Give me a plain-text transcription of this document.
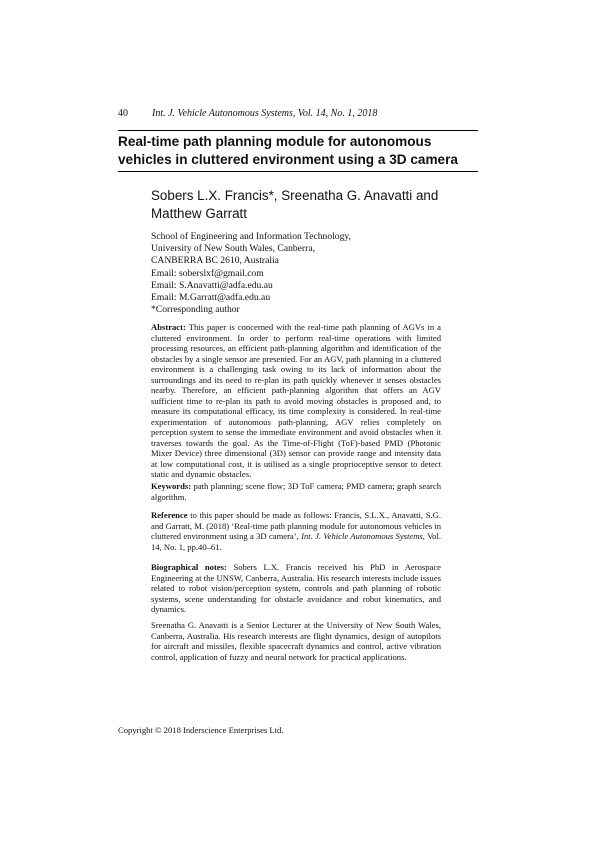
40 Int. J. Vehicle Autonomous Systems, Vol. 14, No. 1, 2018
Real-time path planning module for autonomous vehicles in cluttered environment using a 3D camera

Sobers L.X. Francis*, Sreenatha G. Anavatti and Matthew Garratt

School of Engineering and Information Technology,
University of New South Wales, Canberra,
CANBERRA BC 2610, Australia
Email: soberslxf@gmail.com
Email: S.Anavatti@adfa.edu.au
Email: M.Garratt@adfa.edu.au
*Corresponding author

Abstract: This paper is concerned with the real-time path planning of AGVs in a cluttered environment. In order to perform real-time operations with limited processing resources, an efficient path-planning algorithm and identification of the obstacles by a single sensor are presented. For an AGV, path planning in a cluttered environment is a challenging task owing to its lack of information about the surroundings and its need to re-plan its path quickly whenever it senses obstacles nearby. Therefore, an efficient path-planning algorithm that offers an AGV sufficient time to re-plan its path to avoid moving obstacles is proposed and, to measure its computational efficacy, its time complexity is considered. In real-time experimentation of autonomous path-planning, AGV relies completely on perception system to sense the immediate environment and avoid obstacles when it traverses towards the goal. As the Time-of-Flight (ToF)-based PMD (Photonic Mixer Device) three dimensional (3D) sensor can provide range and intensity data at low computational cost, it is utilised as a single proprioceptive sensor to detect static and dynamic obstacles.

Keywords: path planning; scene flow; 3D ToF camera; PMD camera; graph search algorithm.

Reference to this paper should be made as follows: Francis, S.L.X., Anavatti, S.G. and Garratt, M. (2018) ‘Real-time path planning module for autonomous vehicles in cluttered environment using a 3D camera’, Int. J. Vehicle Autonomous Systems, Vol. 14, No. 1, pp.40–61.

Biographical notes: Sobers L.X. Francis received his PhD in Aerospace Engineering at the UNSW, Canberra, Australia. His research interests include issues related to robot vision/perception system, controls and path planning of robotic systems, scene understanding for obstacle avoidance and robot kinematics, and dynamics.

Sreenatha G. Anavatti is a Senior Lecturer at the University of New South Wales, Canberra, Australia. His research interests are flight dynamics, design of autopilots for aircraft and missiles, flexible spacecraft dynamics and control, active vibration control, application of fuzzy and neural network for practical applications.

Copyright © 2018 Inderscience Enterprises Ltd.
